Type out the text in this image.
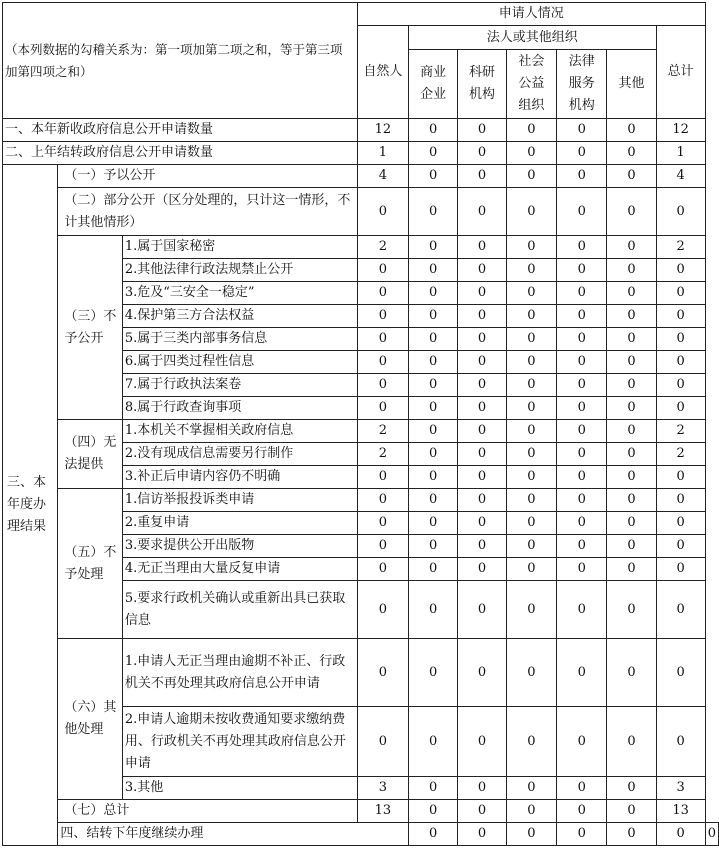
（本列数据的勾稽关系为：第一项加第二项之和，等于第三项加第四项之和）			申请人情况							
			自然人	法人或其他组织					总计	
				商业企业	科研机构	社会公益组织	法律服务机构	其他		

一、本年新收政府信息公开申请数量			12	0	0	0	0	0	12	
二、上年结转政府信息公开申请数量			1	0	0	0	0	0	1	
三、本年度办理结果	（一）予以公开		4	0	0	0	0	0	4	
	（二）部分公开（区分处理的，只计这一情形，不计其他情形）		0	0	0	0	0	0	0	
	（三）不予公开	1.属于国家秘密	2	0	0	0	0	0	2	
		2.其他法律行政法规禁止公开	0	0	0	0	0	0	0	
		3.危及“三安全一稳定”	0	0	0	0	0	0	0	
		4.保护第三方合法权益	0	0	0	0	0	0	0	
		5.属于三类内部事务信息	0	0	0	0	0	0	0	
		6.属于四类过程性信息	0	0	0	0	0	0	0	
		7.属于行政执法案卷	0	0	0	0	0	0	0	
		8.属于行政查询事项	0	0	0	0	0	0	0	
	（四）无法提供	1.本机关不掌握相关政府信息	2	0	0	0	0	0	2	
		2.没有现成信息需要另行制作	2	0	0	0	0	0	2	
		3.补正后申请内容仍不明确	0	0	0	0	0	0	0	
	（五）不予处理	1.信访举报投诉类申请	0	0	0	0	0	0	0	
		2.重复申请	0	0	0	0	0	0	0	
		3.要求提供公开出版物	0	0	0	0	0	0	0	
		4.无正当理由大量反复申请	0	0	0	0	0	0	0	
		5.要求行政机关确认或重新出具已获取信息	0	0	0	0	0	0	0	
	（六）其他处理	1.申请人无正当理由逾期不补正、行政机关不再处理其政府信息公开申请	0	0	0	0	0	0	0	
		2.申请人逾期未按收费通知要求缴纳费用、行政机关不再处理其政府信息公开申请	0	0	0	0	0	0	0	
		3.其他	3	0	0	0	0	0	3	
	（七）总计		13	0	0	0	0	0	13	
	四、结转下年度继续办理			0	0	0	0	0	0	0
